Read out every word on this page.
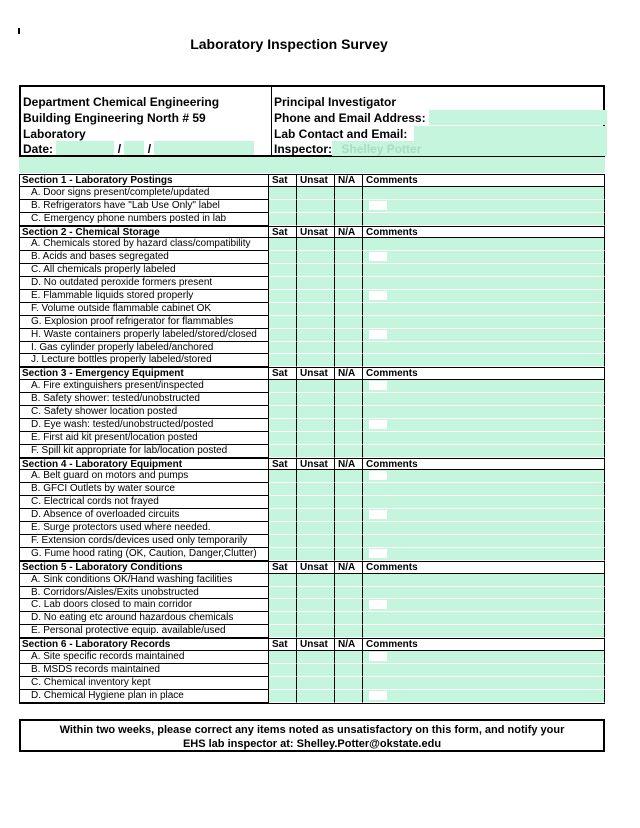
Laboratory Inspection Survey
Department Chemical Engineering
Building Engineering North # 59
Laboratory
Date:	/ /
Principal Investigator
Phone and Email Address:
Lab Contact and Email:
Inspector: Shelley Potter
Section 1 - Laboratory Postings	Sat	Unsat	N/A	Comments
A. Door signs present/complete/updated
B. Refrigerators have "Lab Use Only" label
C. Emergency phone numbers posted in lab
Section 2 - Chemical Storage	Sat	Unsat	N/A	Comments
A. Chemicals stored by hazard class/compatibility
B. Acids and bases segregated
C. All chemicals properly labeled
D. No outdated peroxide formers present
E. Flammable liquids stored properly
F. Volume outside flammable cabinet OK
G. Explosion proof refrigerator for flammables
H. Waste containers properly labeled/stored/closed
I. Gas cylinder properly labeled/anchored
J. Lecture bottles properly labeled/stored
Section 3 - Emergency Equipment	Sat	Unsat	N/A	Comments
A. Fire extinguishers present/inspected
B. Safety shower: tested/unobstructed
C. Safety shower location posted
D. Eye wash: tested/unobstructed/posted
E. First aid kit present/location posted
F. Spill kit appropriate for lab/location posted
Section 4 - Laboratory Equipment	Sat	Unsat	N/A	Comments
A. Belt guard on motors and pumps
B. GFCI Outlets by water source
C. Electrical cords not frayed
D. Absence of overloaded circuits
E. Surge protectors used where needed.
F. Extension cords/devices used only temporarily
G. Fume hood rating (OK, Caution, Danger,Clutter)
Section 5 - Laboratory Conditions	Sat	Unsat	N/A	Comments
A. Sink conditions OK/Hand washing facilities
B. Corridors/Aisles/Exits unobstructed
C. Lab doors closed to main corridor
D. No eating etc around hazardous chemicals
E. Personal protective equip. available/used
Section 6 - Laboratory Records	Sat	Unsat	N/A	Comments
A. Site specific records maintained
B. MSDS records maintained
C. Chemical inventory kept
D. Chemical Hygiene plan in place
Within two weeks, please correct any items noted as unsatisfactory on this form, and notify your
EHS lab inspector at: Shelley.Potter@okstate.edu
